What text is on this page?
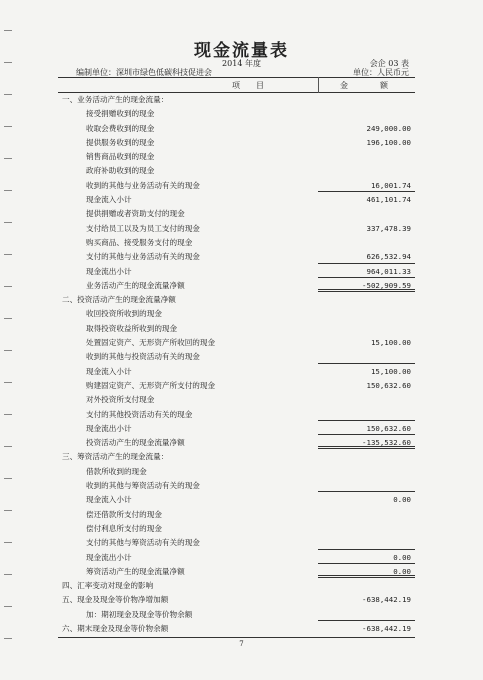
现金流量表
2014 年度	会企 03 表
编制单位：深圳市绿色低碳科技促进会	单位：人民币元
项　　目	金　额
一、业务活动产生的现金流量：
接受捐赠收到的现金
收取会费收到的现金	249,000.00
提供服务收到的现金	196,100.00
销售商品收到的现金
政府补助收到的现金
收到的其他与业务活动有关的现金	16,001.74
现金流入小计	461,101.74
提供捐赠或者资助支付的现金
支付给员工以及为员工支付的现金	337,478.39
购买商品、接受服务支付的现金
支付的其他与业务活动有关的现金	626,532.94
现金流出小计	964,011.33
业务活动产生的现金流量净额	-502,909.59
二、投资活动产生的现金流量净额
收回投资所收到的现金
取得投资收益所收到的现金
处置固定资产、无形资产所收回的现金	15,100.00
收到的其他与投资活动有关的现金
现金流入小计	15,100.00
购建固定资产、无形资产所支付的现金	150,632.60
对外投资所支付现金
支付的其他投资活动有关的现金
现金流出小计	150,632.60
投资活动产生的现金流量净额	-135,532.60
三、筹资活动产生的现金流量：
借款所收到的现金
收到的其他与筹资活动有关的现金
现金流入小计	0.00
偿还借款所支付的现金
偿付利息所支付的现金
支付的其他与筹资活动有关的现金
现金流出小计	0.00
筹资活动产生的现金流量净额	0.00
四、汇率变动对现金的影响
五、现金及现金等价物净增加额	-638,442.19
加：期初现金及现金等价物余额
六、期末现金及现金等价物余额	-638,442.19
7
